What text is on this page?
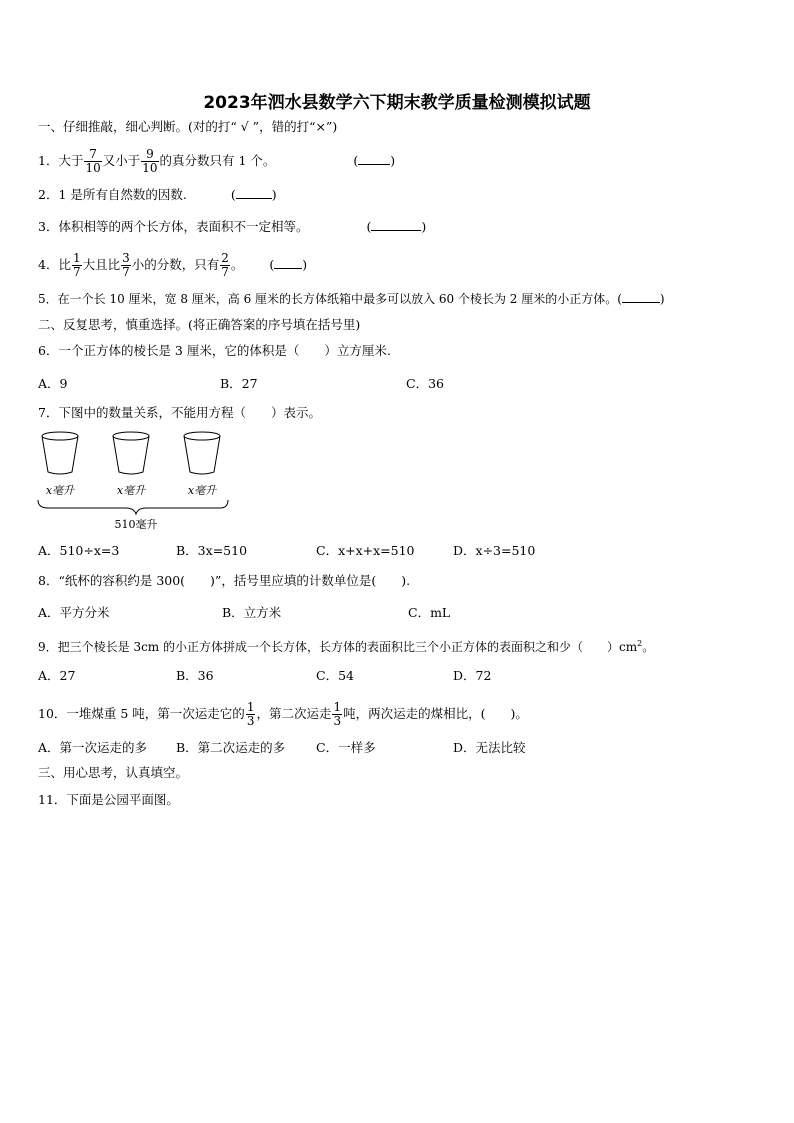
2023年泗水县数学六下期末教学质量检测模拟试题
一、仔细推敲，细心判断。(对的打“ √ ”，错的打“×”)
1．大于 $\frac{7}{10}$ 又小于 $\frac{9}{10}$ 的真分数只有 1 个。	(	)
2．1 是所有自然数的因数.	(	)
3．体积相等的两个长方体，表面积不一定相等。	(	)
4．比 $\frac{1}{7}$ 大且比 $\frac{3}{7}$ 小的分数，只有 $\frac{2}{7}$ 。 ( )
5．在一个长 10 厘米，宽 8 厘米，高 6 厘米的长方体纸箱中最多可以放入 60 个棱长为 2 厘米的小正方体。(	)
二、反复思考，慎重选择。(将正确答案的序号填在括号里)
6．一个正方体的棱长是 3 厘米，它的体积是（　　）立方厘米.
A．9	B．27	C．36
7．下图中的数量关系，不能用方程（　　）表示。
x毫升	x毫升	x毫升
510毫升
A．510÷x=3	B．3x=510	C．x+x+x=510	D．x÷3=510
8．“纸杯的容积约是 300(　　)”，括号里应填的计数单位是(　　).
A．平方分米	B．立方米	C．mL
9．把三个棱长是 3cm 的小正方体拼成一个长方体，长方体的表面积比三个小正方体的表面积之和少（　　）$cm^2$。
A．27	B．36	C．54	D．72
10．一堆煤重 5 吨，第一次运走它的 $\frac{1}{3}$ ，第二次运走 $\frac{1}{3}$ 吨，两次运走的煤相比，(　　)。
A．第一次运走的多 B．第二次运走的多 C．一样多	D．无法比较
三、用心思考，认真填空。
11．下面是公园平面图。
